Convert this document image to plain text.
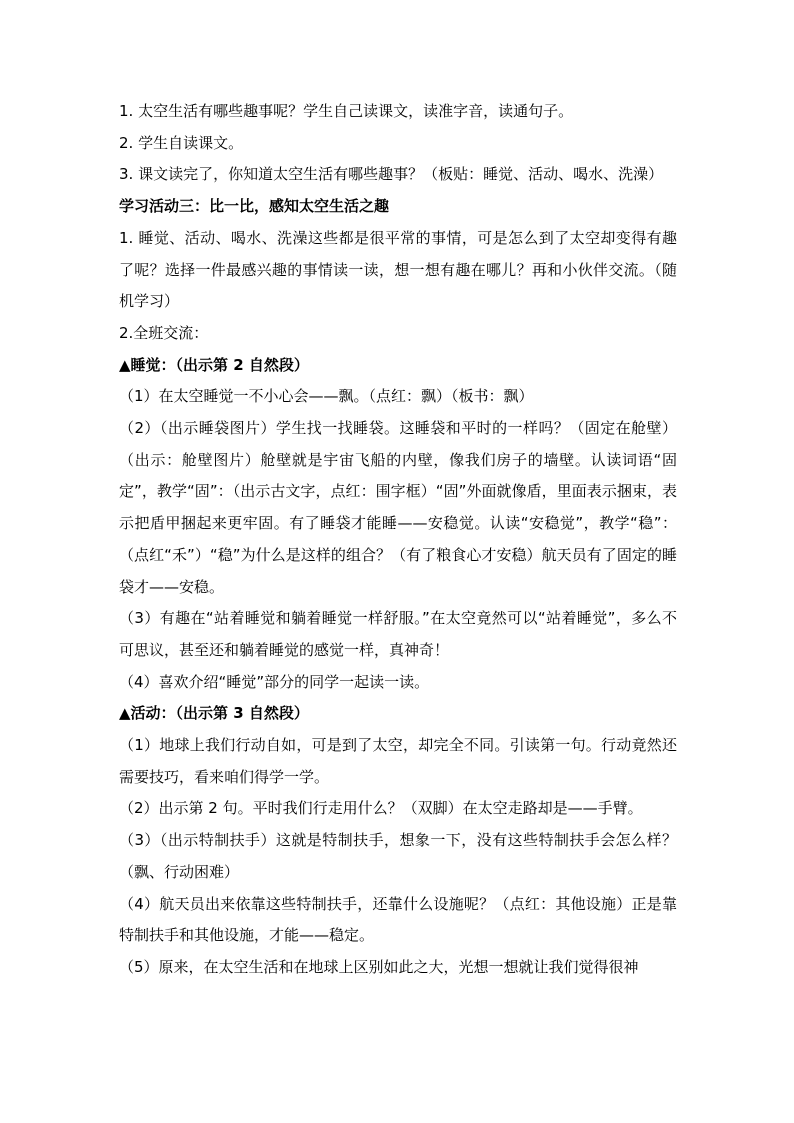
1. 太空生活有哪些趣事呢？学生自己读课文，读准字音，读通句子。

2. 学生自读课文。

3. 课文读完了，你知道太空生活有哪些趣事？（板贴：睡觉、活动、喝水、洗澡）

学习活动三：比一比，感知太空生活之趣

1. 睡觉、活动、喝水、洗澡这些都是很平常的事情，可是怎么到了太空却变得有趣了呢？选择一件最感兴趣的事情读一读，想一想有趣在哪儿？再和小伙伴交流。（随机学习）

2.全班交流：

▲睡觉：（出示第 2 自然段）

（1）在太空睡觉一不小心会——飘。（点红：飘）（板书：飘）

（2）（出示睡袋图片）学生找一找睡袋。这睡袋和平时的一样吗？（固定在舱壁）（出示：舱壁图片）舱壁就是宇宙飞船的内壁，像我们房子的墙壁。认读词语“固定”，教学“固”：（出示古文字，点红：围字框）“固”外面就像盾，里面表示捆束，表示把盾甲捆起来更牢固。有了睡袋才能睡——安稳觉。认读“安稳觉”，教学“稳”：（点红“禾”）“稳”为什么是这样的组合？（有了粮食心才安稳）航天员有了固定的睡袋才——安稳。

（3）有趣在“站着睡觉和躺着睡觉一样舒服。”在太空竟然可以“站着睡觉”，多么不可思议，甚至还和躺着睡觉的感觉一样，真神奇！

（4）喜欢介绍“睡觉”部分的同学一起读一读。

▲活动：（出示第 3 自然段）

（1）地球上我们行动自如，可是到了太空，却完全不同。引读第一句。行动竟然还需要技巧，看来咱们得学一学。

（2）出示第 2 句。平时我们行走用什么？（双脚）在太空走路却是——手臂。

（3）（出示特制扶手）这就是特制扶手，想象一下，没有这些特制扶手会怎么样？（飘、行动困难）

（4）航天员出来依靠这些特制扶手，还靠什么设施呢？（点红：其他设施）正是靠特制扶手和其他设施，才能——稳定。

（5）原来，在太空生活和在地球上区别如此之大，光想一想就让我们觉得很神
